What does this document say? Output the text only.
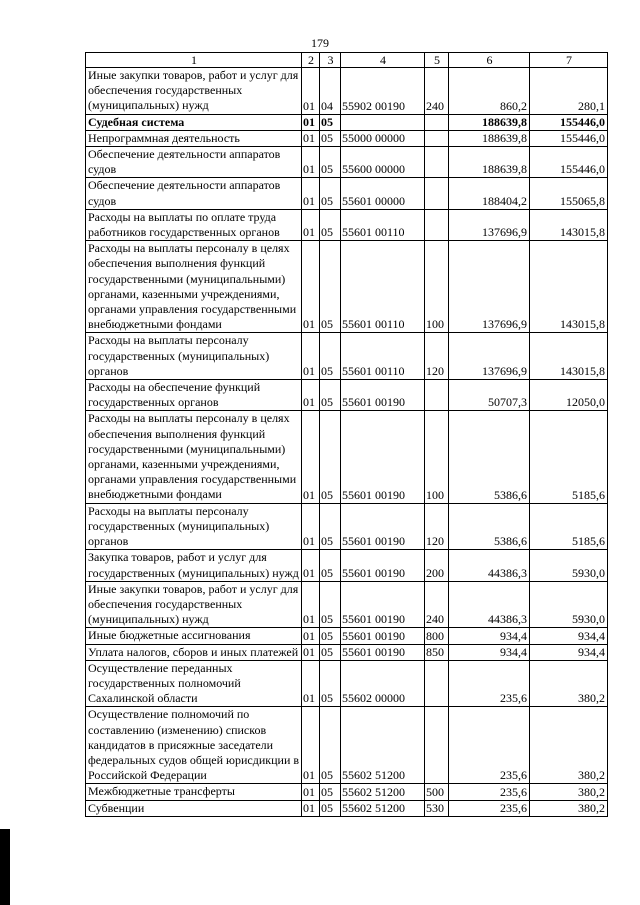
179
1	2	3	4	5	6	7
Иные закупки товаров, работ и услуг для обеспечения государственных (муниципальных) нужд	01	04	55902 00190	240	860,2	280,1
Судебная система	01	05			188639,8	155446,0
Непрограммная деятельность	01	05	55000 00000		188639,8	155446,0
Обеспечение деятельности аппаратов судов	01	05	55600 00000		188639,8	155446,0
Обеспечение деятельности аппаратов судов	01	05	55601 00000		188404,2	155065,8
Расходы на выплаты по оплате труда работников государственных органов	01	05	55601 00110		137696,9	143015,8
Расходы на выплаты персоналу в целях обеспечения выполнения функций государственными (муниципальными) органами, казенными учреждениями, органами управления государственными внебюджетными фондами	01	05	55601 00110	100	137696,9	143015,8
Расходы на выплаты персоналу государственных (муниципальных) органов	01	05	55601 00110	120	137696,9	143015,8
Расходы на обеспечение функций государственных органов	01	05	55601 00190		50707,3	12050,0
Расходы на выплаты персоналу в целях обеспечения выполнения функций государственными (муниципальными) органами, казенными учреждениями, органами управления государственными внебюджетными фондами	01	05	55601 00190	100	5386,6	5185,6
Расходы на выплаты персоналу государственных (муниципальных) органов	01	05	55601 00190	120	5386,6	5185,6
Закупка товаров, работ и услуг для государственных (муниципальных) нужд	01	05	55601 00190	200	44386,3	5930,0
Иные закупки товаров, работ и услуг для обеспечения государственных (муниципальных) нужд	01	05	55601 00190	240	44386,3	5930,0
Иные бюджетные ассигнования	01	05	55601 00190	800	934,4	934,4
Уплата налогов, сборов и иных платежей	01	05	55601 00190	850	934,4	934,4
Осуществление переданных государственных полномочий Сахалинской области	01	05	55602 00000		235,6	380,2
Осуществление полномочий по составлению (изменению) списков кандидатов в присяжные заседатели федеральных судов общей юрисдикции в Российской Федерации	01	05	55602 51200		235,6	380,2
Межбюджетные трансферты	01	05	55602 51200	500	235,6	380,2
Субвенции	01	05	55602 51200	530	235,6	380,2
